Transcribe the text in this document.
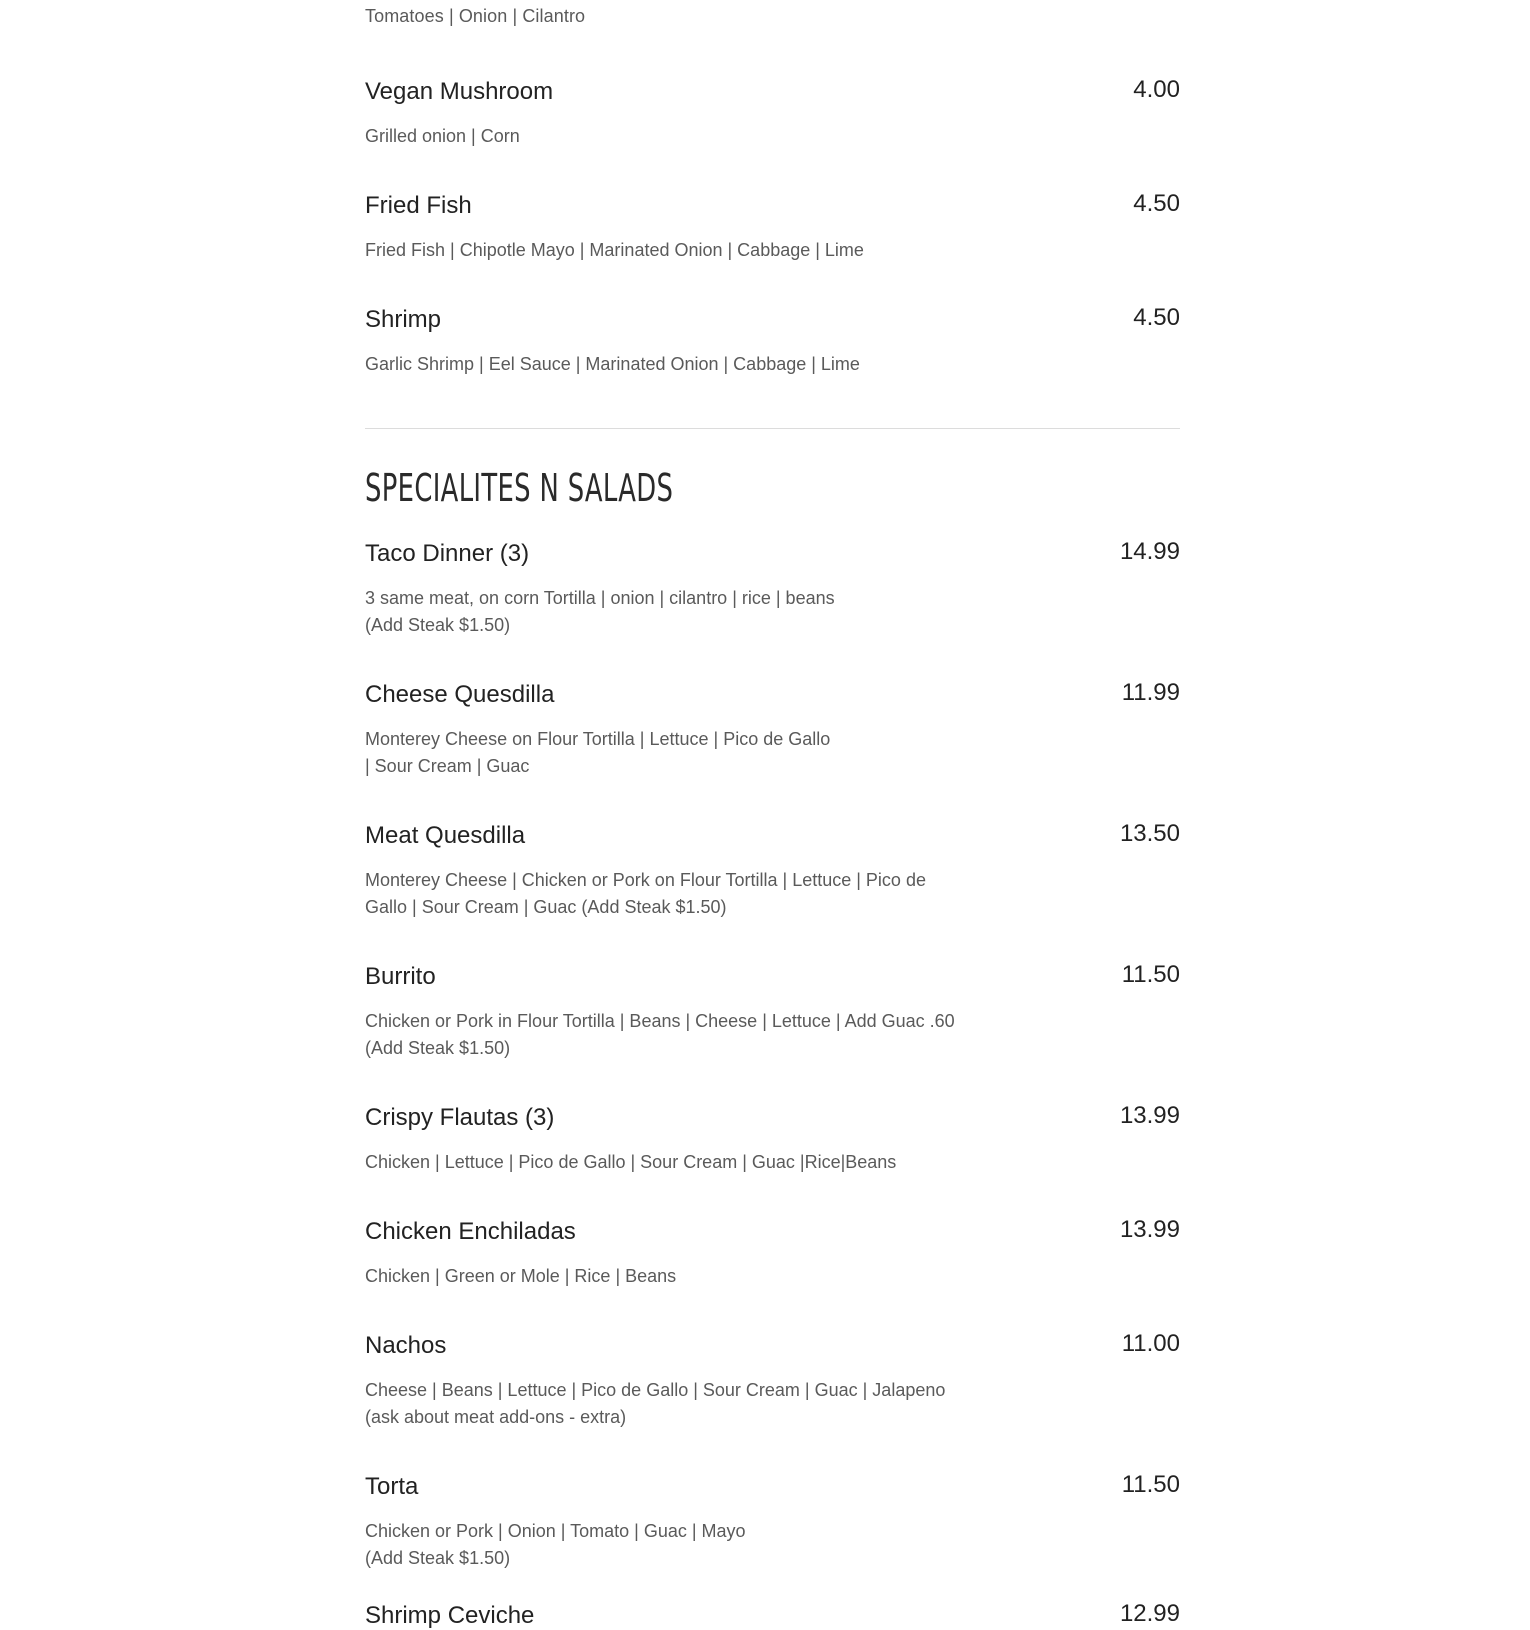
Tomatoes | Onion | Cilantro
Vegan Mushroom	4.00
Grilled onion | Corn
Fried Fish	4.50
Fried Fish | Chipotle Mayo | Marinated Onion | Cabbage | Lime
Shrimp	4.50
Garlic Shrimp | Eel Sauce | Marinated Onion | Cabbage | Lime
SPECIALITES N SALADS
Taco Dinner (3)	14.99
3 same meat, on corn Tortilla | onion | cilantro | rice | beans
(Add Steak $1.50)
Cheese Quesdilla	11.99
Monterey Cheese on Flour Tortilla | Lettuce | Pico de Gallo
| Sour Cream | Guac
Meat Quesdilla	13.50
Monterey Cheese | Chicken or Pork on Flour Tortilla | Lettuce | Pico de
Gallo | Sour Cream | Guac (Add Steak $1.50)
Burrito	11.50
Chicken or Pork in Flour Tortilla | Beans | Cheese | Lettuce | Add Guac .60
(Add Steak $1.50)
Crispy Flautas (3)	13.99
Chicken | Lettuce | Pico de Gallo | Sour Cream | Guac |Rice|Beans
Chicken Enchiladas	13.99
Chicken | Green or Mole | Rice | Beans
Nachos	11.00
Cheese | Beans | Lettuce | Pico de Gallo | Sour Cream | Guac | Jalapeno
(ask about meat add-ons - extra)
Torta	11.50
Chicken or Pork | Onion | Tomato | Guac | Mayo
(Add Steak $1.50)
Shrimp Ceviche	12.99
